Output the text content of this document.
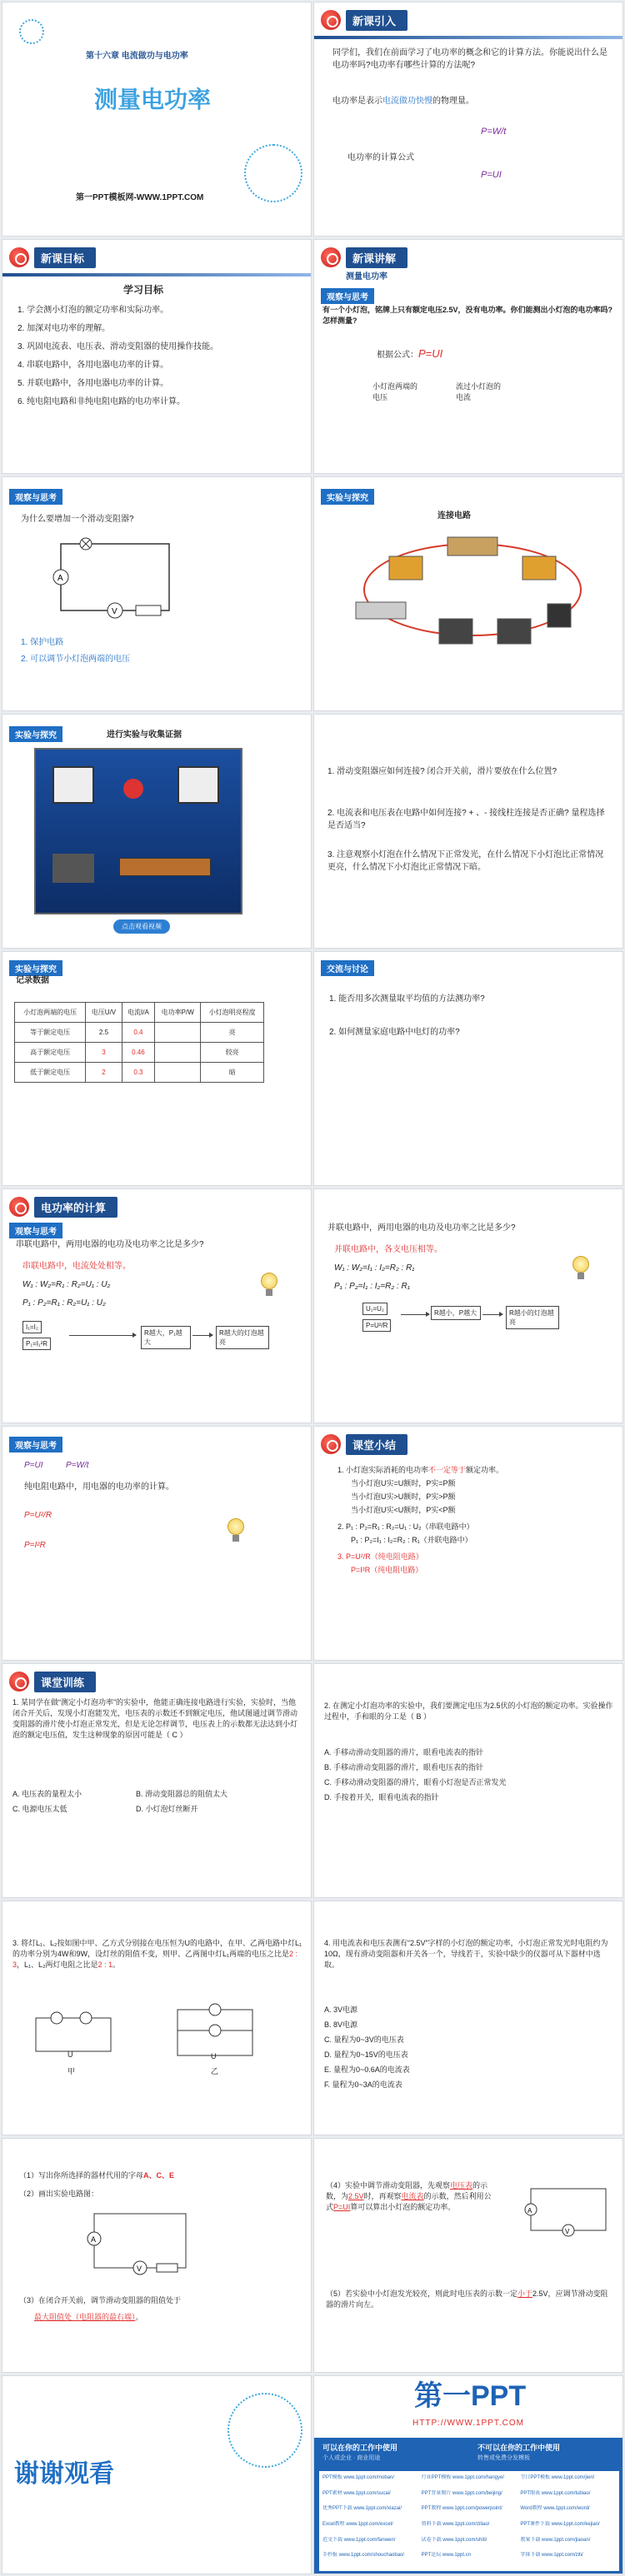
第十六章 电流做功与电功率
测量电功率
第一PPT模板网-WWW.1PPT.COM
新课引入
同学们，我们在前面学习了电功率的概念和它的计算方法。你能说出什么是电功率吗?电功率有哪些计算的方法呢?
电功率是表示电流做功快慢的物理量。
P=W/t
电功率的计算公式
P=UI
新课目标
学习目标
1. 学会测小灯泡的额定功率和实际功率。
2. 加深对电功率的理解。
3. 巩固电流表、电压表、滑动变阻器的使用操作技能。
4. 串联电路中，各用电器电功率的计算。
5. 并联电路中，各用电器电功率的计算。
6. 纯电阻电路和非纯电阻电路的电功率计算。
新课讲解
测量电功率
观察与思考
有一个小灯泡，铭牌上只有额定电压2.5V，没有电功率。你们能测出小灯泡的电功率吗?怎样测量?
根据公式：P=UI
小灯泡两端的电压
流过小灯泡的电流
观察与思考
为什么要增加一个滑动变阻器?
A
V
1. 保护电路
2. 可以调节小灯泡两端的电压
实验与探究
连接电路
实验与探究	进行实验与收集证据
点击观看视频
1. 滑动变阻器应如何连接? 闭合开关前，滑片要放在什么位置?
2. 电流表和电压表在电路中如何连接? + 、- 接线柱连接是否正确? 量程选择是否适当?
3. 注意观察小灯泡在什么情况下正常发光，在什么情况下小灯泡比正常情况更亮，什么情况下小灯泡比正常情况下暗。
实验与探究
记录数据
小灯泡两端的电压	电压U/V	电流I/A	电功率P/W	小灯泡明亮程度
等于额定电压	2.5	0.4		亮
高于额定电压	3	0.46		较亮
低于额定电压	2	0.3		暗
交流与讨论
1. 能否用多次测量取平均值的方法测功率?
2. 如何测量家庭电路中电灯的功率?
电功率的计算
观察与思考
串联电路中，两用电器的电功及电功率之比是多少?
串联电路中，电流处处相等。
W₁ : W₂=R₁ : R₂=U₁ : U₂
P₁ : P₂=R₁ : R₂=U₁ : U₂
I₁=I₂
P₁=I₁²R
R越大，P₁越大
R越大的灯泡越亮
并联电路中，两用电器的电功及电功率之比是多少?
并联电路中，各支电压相等。
W₁ : W₂=I₁ : I₂=R₂ : R₁
P₁ : P₂=I₁ : I₂=R₂ : R₁
U₁=U₂
P=U²/R
R越小，P越大	R越小的灯泡越亮
观察与思考
P=UI	P=W/t
纯电阻电路中，用电器的电功率的计算。
P=U²/R
P=I²R
课堂小结
1. 小灯泡实际消耗的电功率不一定等于额定功率。
当小灯泡U实=U额时，P实=P额
当小灯泡U实>U额时，P实>P额
当小灯泡U实<U额时，P实<P额
2. P₁ : P₂=R₁ : R₂=U₁ : U₂（串联电路中）
P₁ : P₂=I₁ : I₂=R₂ : R₁（并联电路中）
3. P=U²/R（纯电阻电路）
P=I²R（纯电阻电路）
课堂训练
1. 某同学在做“测定小灯泡功率”的实验中，他能正确连接电路进行实验，实验时，当他闭合开关后，发现小灯泡能发光，电压表的示数还不到额定电压，他试图通过调节滑动变阻器的滑片使小灯泡正常发光，但是无论怎样调节，电压表上的示数都无法达到小灯泡的额定电压值，发生这种现象的原因可能是（ C ）
A. 电压表的量程太小	B. 滑动变阻器总的阻值太大
C. 电源电压太低	D. 小灯泡灯丝断开
2. 在测定小灯泡功率的实验中，我们要测定电压为2.5伏的小灯泡的额定功率。实验操作过程中，手和眼的分工是（ B ）
A. 手移动滑动变阻器的滑片，眼看电流表的指针
B. 手移动滑动变阻器的滑片，眼看电压表的指针
C. 手移动滑动变阻器的滑片，眼看小灯泡是否正常发光
D. 手按着开关，眼看电流表的指针
3. 将灯L₁、L₂按如图中甲、乙方式分别接在电压恒为U的电路中，在甲、乙两电路中灯L₁的功率分别为4W和9W，设灯丝的阻值不变，则甲、乙两图中灯L₁两端的电压之比是2 : 3，L₁、L₂两灯电阻之比是2 : 1。
甲
U
乙
U
4. 用电流表和电压表测有“2.5V”字样的小灯泡的额定功率，小灯泡正常发光时电阻约为10Ω，现有滑动变阻器和开关各一个，导线若干，实验中缺少的仪器可从下器材中选取。
A. 3V电源
B. 8V电源
C. 量程为0~3V的电压表
D. 量程为0~15V的电压表
E. 量程为0~0.6A的电流表
F. 量程为0~3A的电流表
（1）写出你所选择的器材代用的字母A、C、E
（2）画出实验电路图：
A
V
（3）在闭合开关前，调节滑动变阻器的阻值处于
最大阻值处（电阻器的最右端）。
（4）实验中调节滑动变阻器，先观察电压表的示数，为2.5V时，再观察电流表的示数，然后利用公式P=UI算可以算出小灯泡的额定功率。	A
V
（5）若实验中小灯泡发光较亮，则此时电压表的示数一定小于2.5V，应调节滑动变阻器的滑片向左。
谢谢观看
第一PPT
HTTP://WWW.1PPT.COM
可以在你的工作中使用	不可以在你的工作中使用
个人或企业 · 商业用途	转售或免费分发模板
PPT模板 www.1ppt.com/moban/	行业PPT模板 www.1ppt.com/hangye/	节日PPT模板 www.1ppt.com/jieri/
PPT素材 www.1ppt.com/sucai/	PPT背景图片 www.1ppt.com/beijing/	PPT图表 www.1ppt.com/tubiao/
优秀PPT下载 www.1ppt.com/xiazai/	PPT教程 www.1ppt.com/powerpoint/	Word教程 www.1ppt.com/word/
Excel教程 www.1ppt.com/excel/	资料下载 www.1ppt.com/ziliao/	PPT课件下载 www.1ppt.com/kejian/
范文下载 www.1ppt.com/fanwen/	试卷下载 www.1ppt.com/shiti/	教案下载 www.1ppt.com/jiaoan/
手抄报 www.1ppt.com/shouchaobao/	PPT论坛 www.1ppt.cn	字体下载 www.1ppt.com/ziti/
